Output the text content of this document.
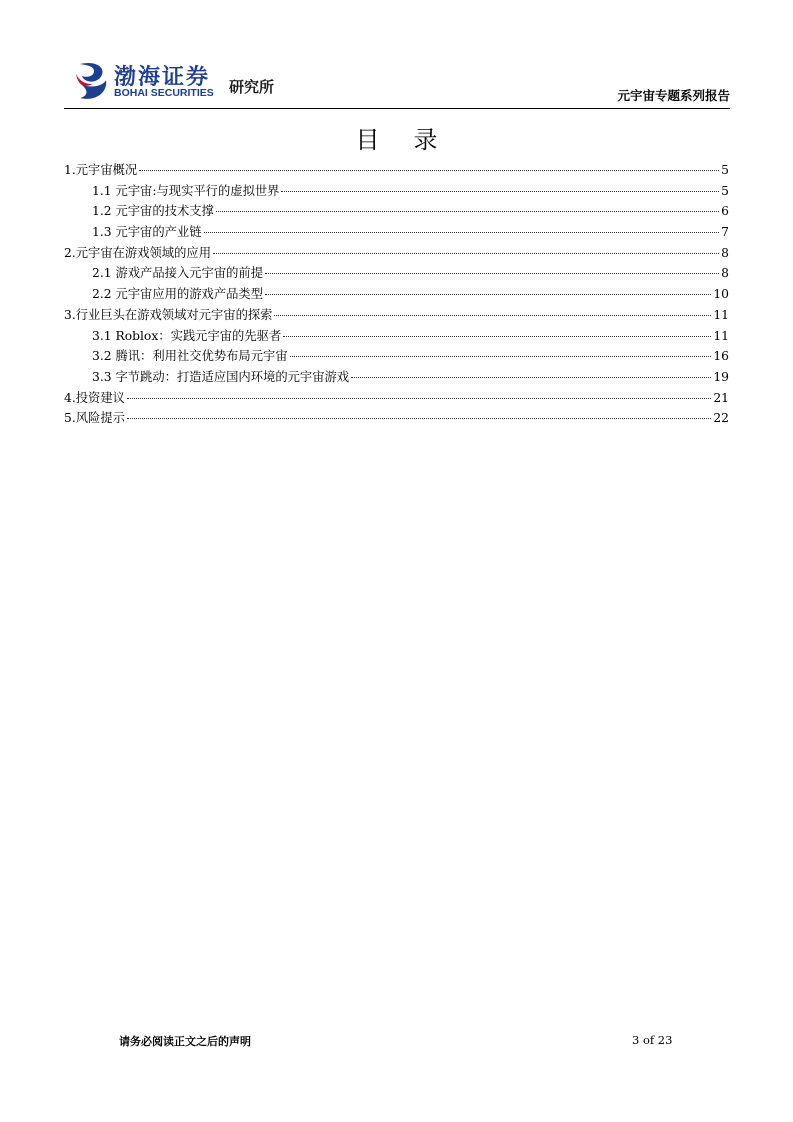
渤海证券
BOHAI SECURITIES 研究所	元宇宙专题系列报告
目录
1.元宇宙概况	5
1.1 元宇宙:与现实平行的虚拟世界	5
1.2 元宇宙的技术支撑	6
1.3 元宇宙的产业链	7
2.元宇宙在游戏领域的应用	8
2.1 游戏产品接入元宇宙的前提	8
2.2 元宇宙应用的游戏产品类型	10
3.行业巨头在游戏领域对元宇宙的探索	11
3.1 Roblox：实践元宇宙的先驱者	11
3.2 腾讯：利用社交优势布局元宇宙	16
3.3 字节跳动：打造适应国内环境的元宇宙游戏	19
4.投资建议	21
5.风险提示	22
请务必阅读正文之后的声明	3 of 23
